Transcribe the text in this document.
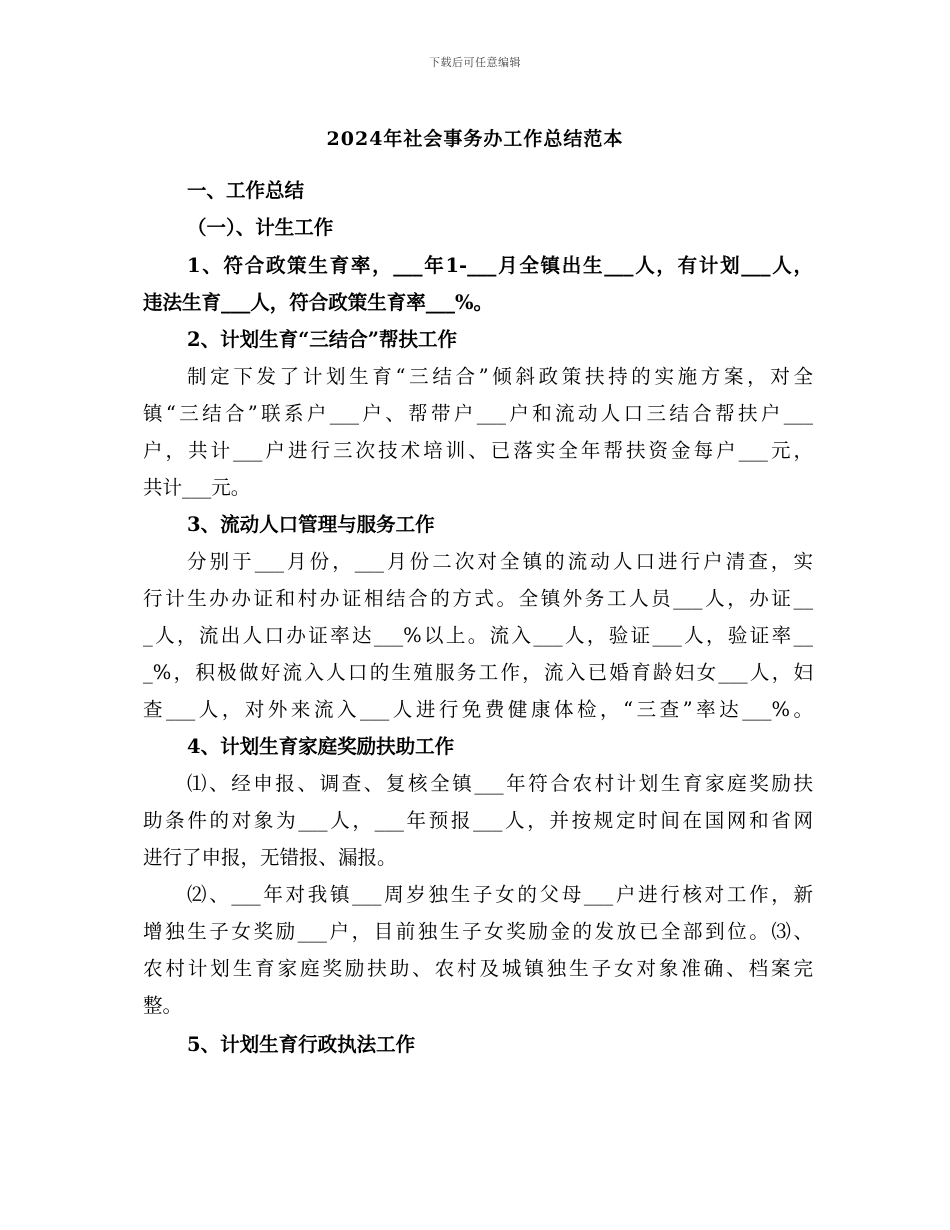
下载后可任意编辑
2024年社会事务办工作总结范本
一、工作总结
（一）、计生工作
1、符合政策生育率，___年1-___月全镇出生___人，有计划___人，
违法生育___人，符合政策生育率___%。
2、计划生育“三结合”帮扶工作
制定下发了计划生育“三结合”倾斜政策扶持的实施方案，对全
镇“三结合”联系户___户、帮带户___户和流动人口三结合帮扶户___
户，共计___户进行三次技术培训、已落实全年帮扶资金每户___元，
共计___元。
3、流动人口管理与服务工作
分别于___月份，___月份二次对全镇的流动人口进行户清查，实
行计生办办证和村办证相结合的方式。全镇外务工人员___人，办证__
_人，流出人口办证率达___%以上。流入___人，验证___人，验证率__
_%，积极做好流入人口的生殖服务工作，流入已婚育龄妇女___人，妇
查___人，对外来流入___人进行免费健康体检，“三查”率达___%。
4、计划生育家庭奖励扶助工作
⑴、经申报、调查、复核全镇___年符合农村计划生育家庭奖励扶
助条件的对象为___人，___年预报___人，并按规定时间在国网和省网
进行了申报，无错报、漏报。
⑵、___年对我镇___周岁独生子女的父母___户进行核对工作，新
增独生子女奖励___户，目前独生子女奖励金的发放已全部到位。⑶、
农村计划生育家庭奖励扶助、农村及城镇独生子女对象准确、档案完
整。
5、计划生育行政执法工作
